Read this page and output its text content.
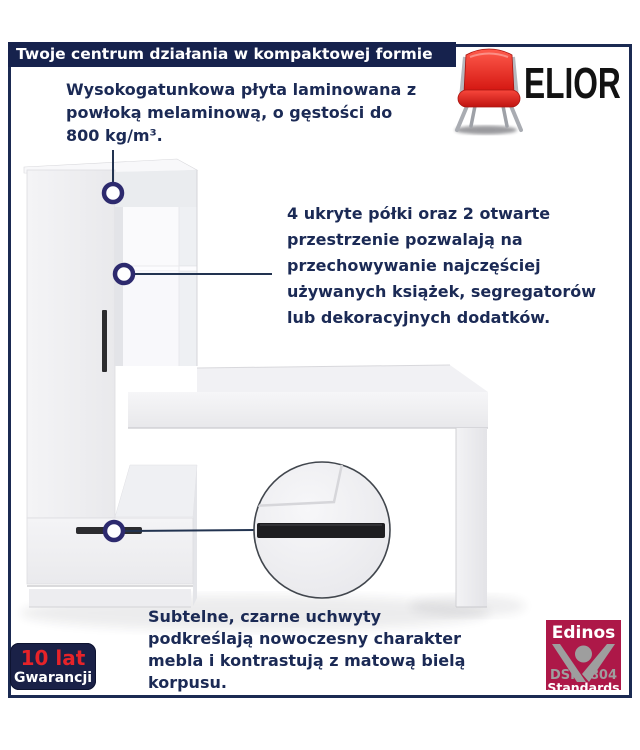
Twoje centrum działania w kompaktowej formie
ELIOR
Wysokogatunkowa płyta laminowana z
powłoką melaminową, o gęstości do
800 kg/m³.
4 ukryte półki oraz 2 otwarte
przestrzenie pozwalają na
przechowywanie najczęściej
używanych książek, segregatorów
lub dekoracyjnych dodatków.
Subtelne, czarne uchwyty
podkreślają nowoczesny charakter
mebla i kontrastują z matową bielą
korpusu.
10 lat
Gwarancji
Edinos
DSI 804
Standards
